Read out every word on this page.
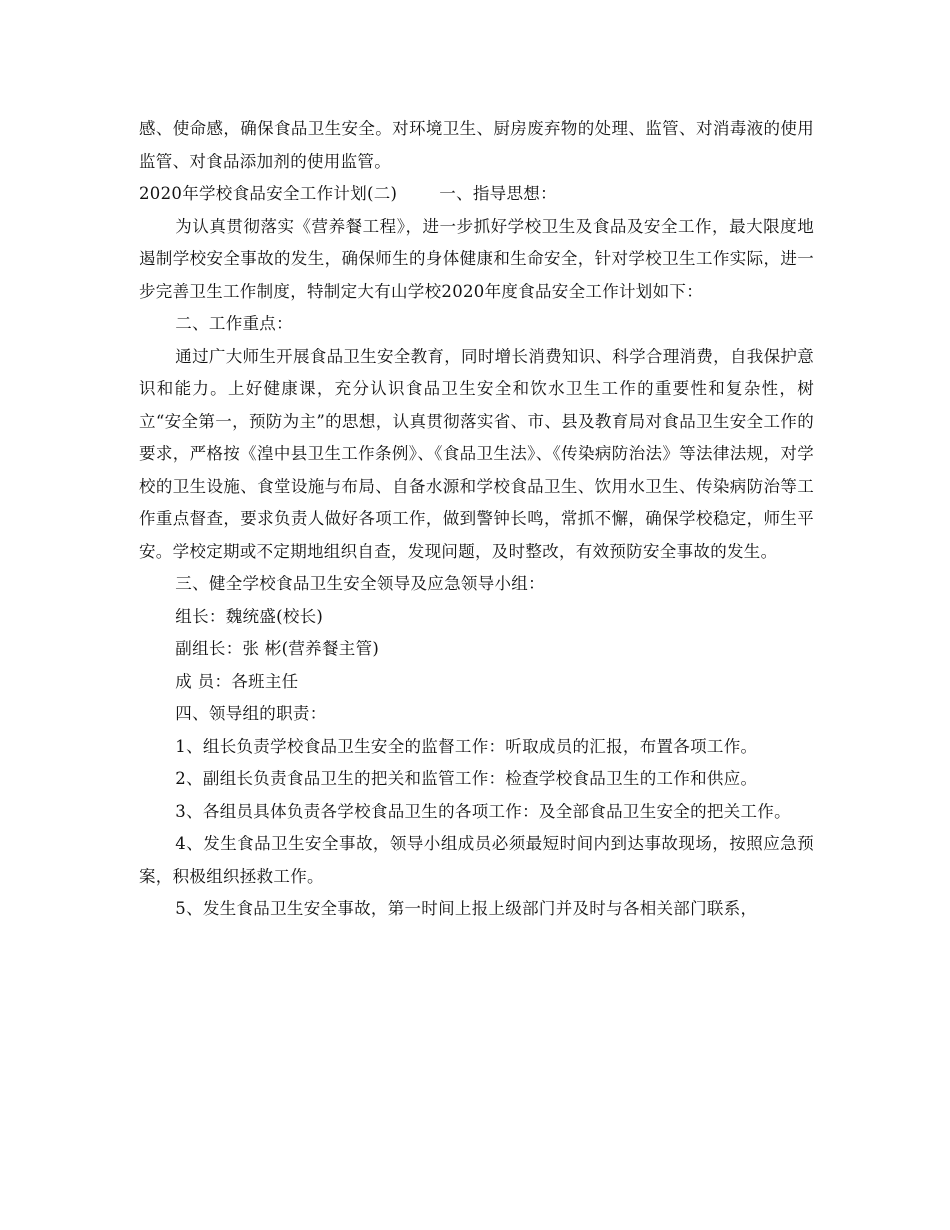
感、使命感，确保食品卫生安全。对环境卫生、厨房废弃物的处理、监管、对消毒液的使用监管、对食品添加剂的使用监管。

2020年学校食品安全工作计划(二)	一、指导思想：

为认真贯彻落实《营养餐工程》，进一步抓好学校卫生及食品及安全工作，最大限度地遏制学校安全事故的发生，确保师生的身体健康和生命安全，针对学校卫生工作实际，进一步完善卫生工作制度，特制定大有山学校2020年度食品安全工作计划如下：

二、工作重点：

通过广大师生开展食品卫生安全教育，同时增长消费知识、科学合理消费，自我保护意识和能力。上好健康课，充分认识食品卫生安全和饮水卫生工作的重要性和复杂性，树立“安全第一，预防为主”的思想，认真贯彻落实省、市、县及教育局对食品卫生安全工作的要求，严格按《湟中县卫生工作条例》、《食品卫生法》、《传染病防治法》等法律法规，对学校的卫生设施、食堂设施与布局、自备水源和学校食品卫生、饮用水卫生、传染病防治等工作重点督查，要求负责人做好各项工作，做到警钟长鸣，常抓不懈，确保学校稳定，师生平安。学校定期或不定期地组织自查，发现问题，及时整改，有效预防安全事故的发生。

三、健全学校食品卫生安全领导及应急领导小组：

组长：魏统盛(校长)

副组长：张 彬(营养餐主管)

成 员：各班主任

四、领导组的职责：

1、组长负责学校食品卫生安全的监督工作：听取成员的汇报，布置各项工作。

2、副组长负责食品卫生的把关和监管工作：检查学校食品卫生的工作和供应。

3、各组员具体负责各学校食品卫生的各项工作：及全部食品卫生安全的把关工作。

4、发生食品卫生安全事故，领导小组成员必须最短时间内到达事故现场，按照应急预案，积极组织拯救工作。

5、发生食品卫生安全事故，第一时间上报上级部门并及时与各相关部门联系，
